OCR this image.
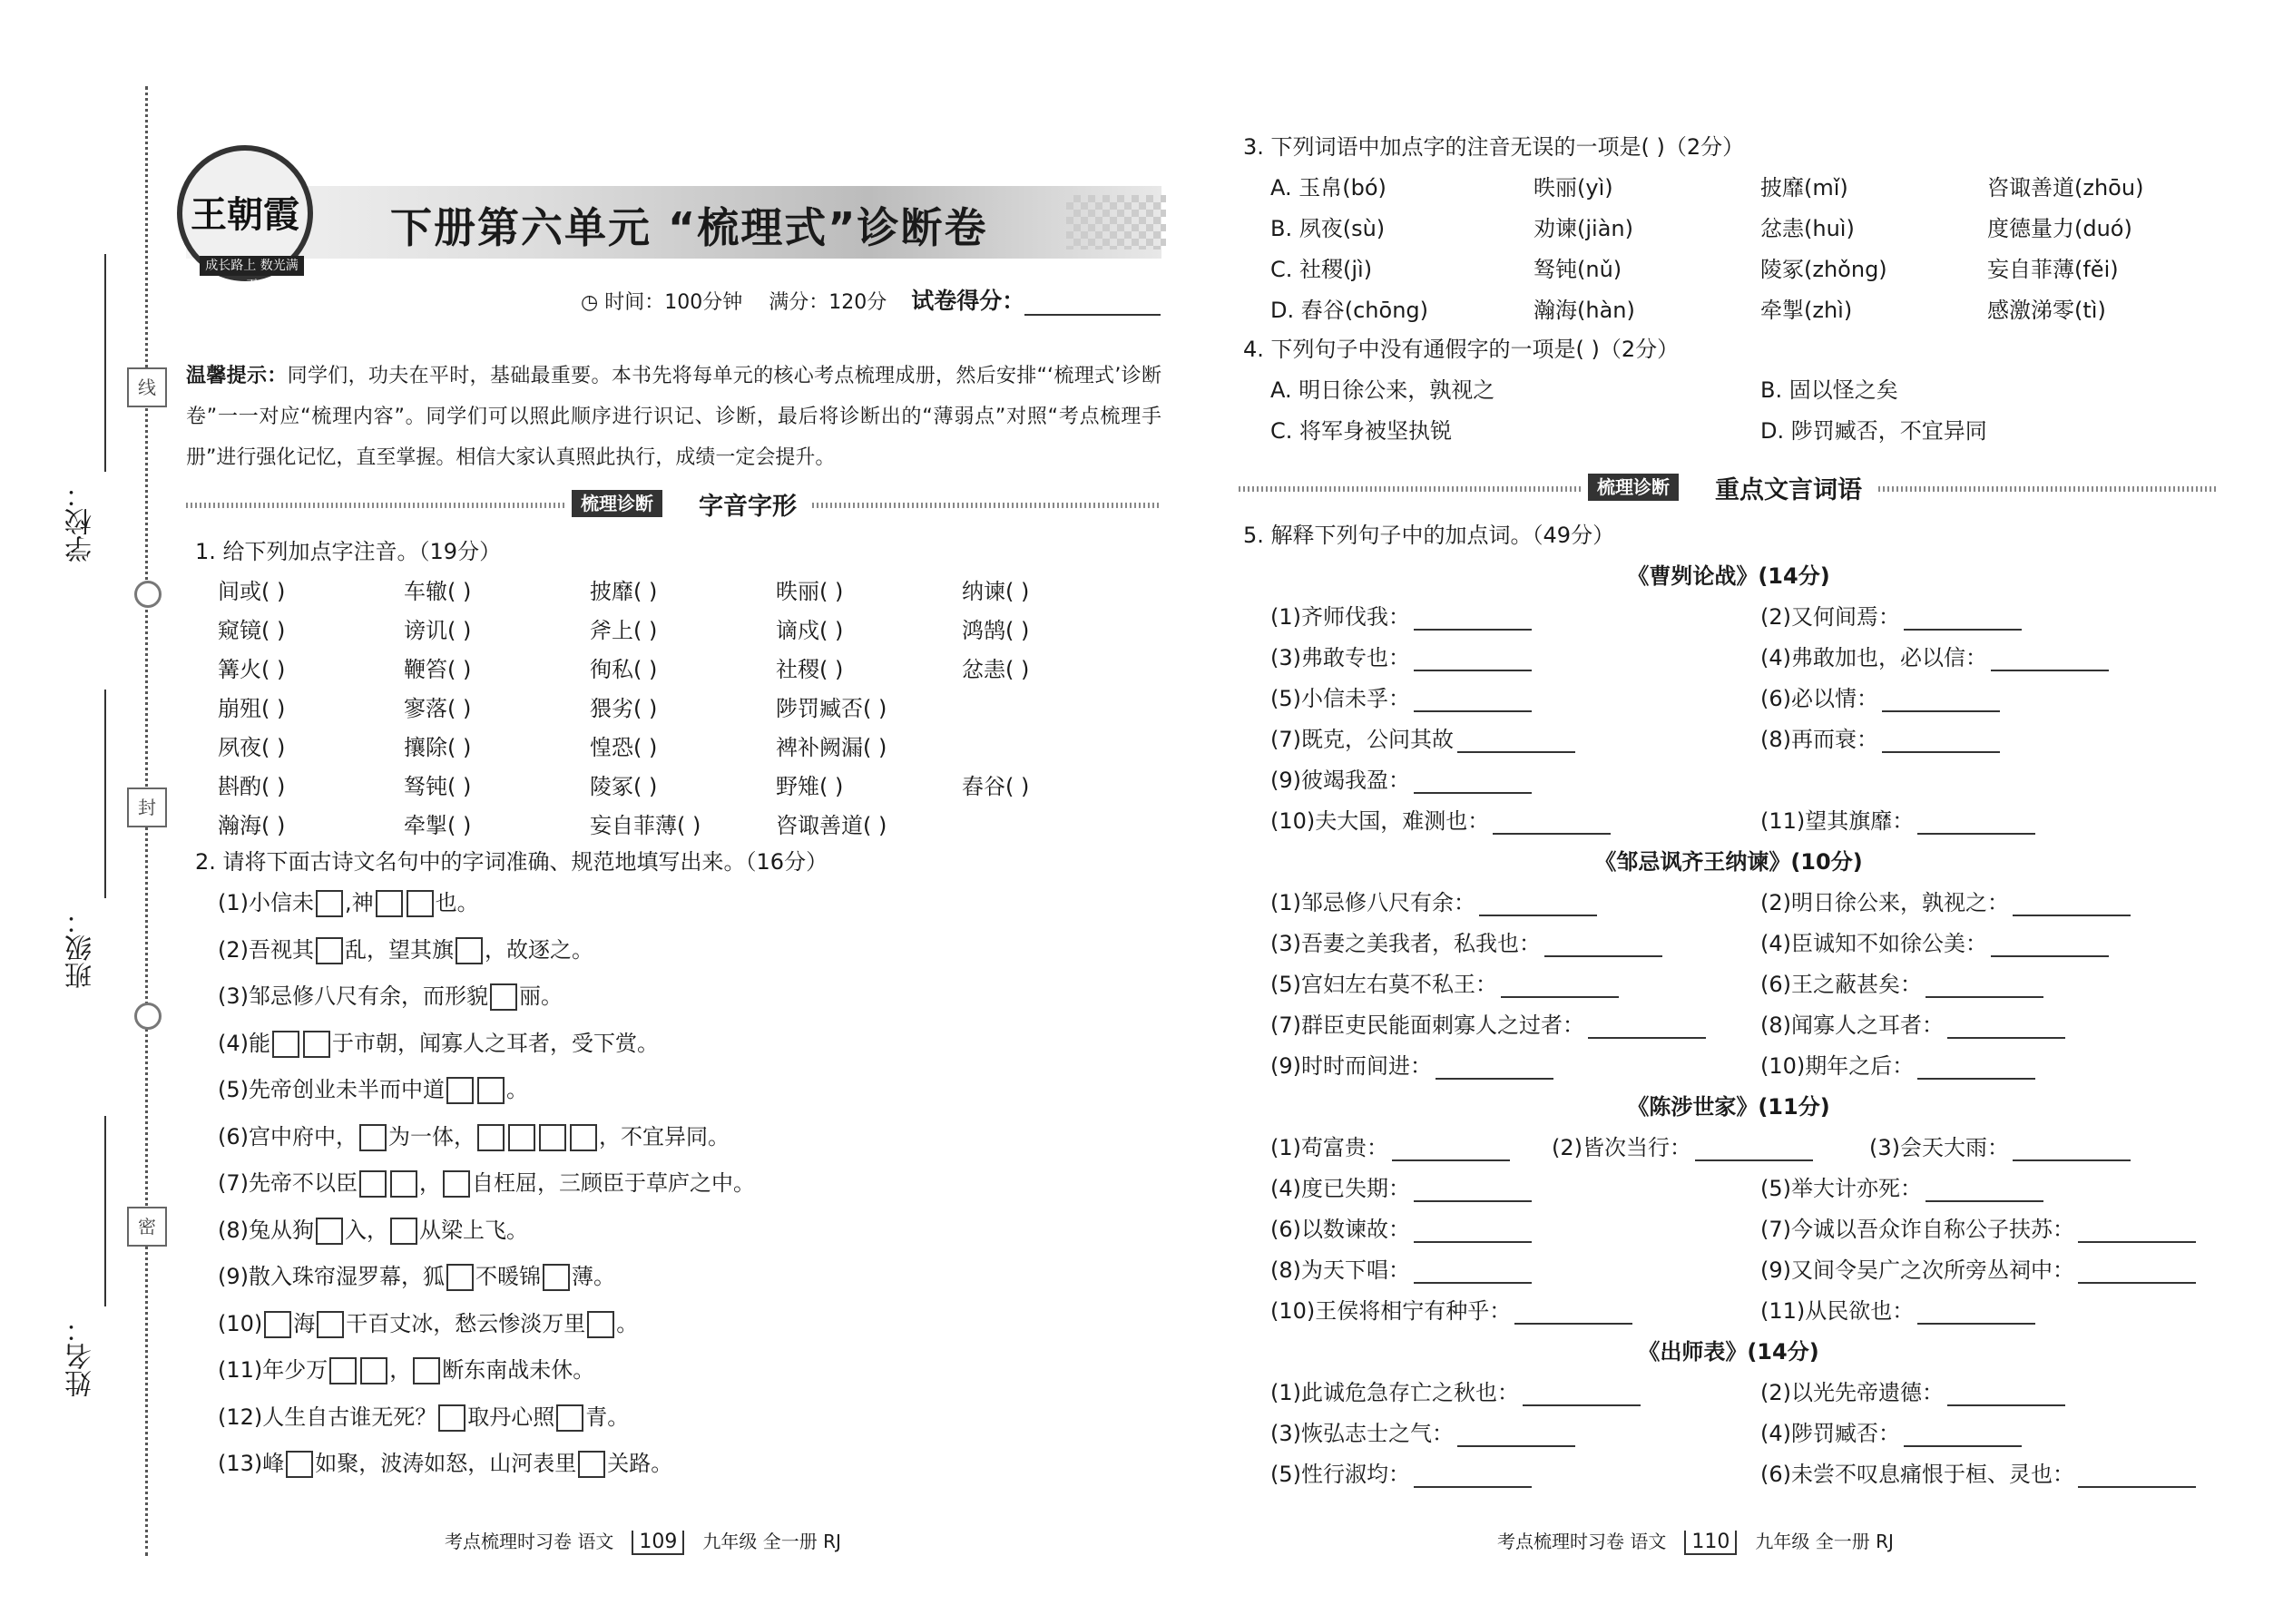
学校：
班级：
姓名：
线
封
密
王朝霞
成长路上 数光满天
下册第六单元 “梳理式”诊断卷
◷ 时间：100分钟 满分：120分 试卷得分：
温馨提示：同学们，功夫在平时，基础最重要。本书先将每单元的核心考点梳理成册，然后安排“‘梳理式’诊断卷”一一对应“梳理内容”。同学们可以照此顺序进行识记、诊断，最后将诊断出的“薄弱点”对照“考点梳理手册”进行强化记忆，直至掌握。相信大家认真照此执行，成绩一定会提升。
梳理诊断	字音字形
1. 给下列加点字注音。（19分）
间或( )	车辙( )	披靡( )	昳丽( )	纳谏( )
窥镜( )	谤讥( )	斧上( )	谪戍( )	鸿鹄( )
篝火( )	鞭笞( )	徇私( )	社稷( )	忿恚( )
崩殂( )	寥落( )	猥劣( )	陟罚臧否( )
夙夜( )	攘除( )	惶恐( )	裨补阙漏( )
斟酌( )	驽钝( )	陵冢( )	野雉( )	舂谷( )
瀚海( )	牵掣( )	妄自菲薄( )	咨诹善道( )
2. 请将下面古诗文名句中的字词准确、规范地填写出来。（16分）
(1)小信未 ,神	也。
(2)吾视其 乱，望其旗 ，故逐之。
(3)邹忌修八尺有余，而形貌 丽。
(4)能	于市朝，闻寡人之耳者，受下赏。
(5)先帝创业未半而中道	。
(6)宫中府中， 为一体，	，不宜异同。
(7)先帝不以臣	， 自枉屈，三顾臣于草庐之中。
(8)兔从狗 入， 从梁上飞。
(9)散入珠帘湿罗幕，狐 不暖锦 薄。
(10) 海 干百丈冰，愁云惨淡万里 。
(11)年少万	， 断东南战未休。
(12)人生自古谁无死？ 取丹心照 青。
(13)峰 如聚，波涛如怒，山河表里 关路。
考点梳理时习卷 语文 109 九年级 全一册 RJ
3. 下列词语中加点字的注音无误的一项是( )（2分）
A. 玉帛(bó)	昳丽(yì)	披靡(mǐ)	咨诹善道(zhōu)
B. 夙夜(sù)	劝谏(jiàn)	忿恚(huì)	度德量力(duó)
C. 社稷(jì)	驽钝(nǔ)	陵冢(zhǒng)	妄自菲薄(fěi)
D. 舂谷(chōng)	瀚海(hàn)	牵掣(zhì)	感激涕零(tì)
4. 下列句子中没有通假字的一项是( )（2分）
A. 明日徐公来，孰视之	B. 固以怪之矣
C. 将军身被坚执锐	D. 陟罚臧否，不宜异同
梳理诊断	重点文言词语
5. 解释下列句子中的加点词。（49分）
《曹刿论战》(14分)
(1)齐师伐我：	(2)又何间焉：
(3)弗敢专也：	(4)弗敢加也，必以信：
(5)小信未孚：	(6)必以情：
(7)既克，公问其故	(8)再而衰：
(9)彼竭我盈：
(10)夫大国，难测也：	(11)望其旗靡：
《邹忌讽齐王纳谏》(10分)
(1)邹忌修八尺有余：	(2)明日徐公来，孰视之：
(3)吾妻之美我者，私我也：	(4)臣诚知不如徐公美：
(5)宫妇左右莫不私王：	(6)王之蔽甚矣：
(7)群臣吏民能面刺寡人之过者：	(8)闻寡人之耳者：
(9)时时而间进：	(10)期年之后：
《陈涉世家》(11分)
(1)苟富贵：	(2)皆次当行：	(3)会天大雨：
(4)度已失期：	(5)举大计亦死：
(6)以数谏故：	(7)今诚以吾众诈自称公子扶苏：
(8)为天下唱：	(9)又间令吴广之次所旁丛祠中：
(10)王侯将相宁有种乎：	(11)从民欲也：
《出师表》(14分)
(1)此诚危急存亡之秋也：	(2)以光先帝遗德：
(3)恢弘志士之气：	(4)陟罚臧否：
(5)性行淑均：	(6)未尝不叹息痛恨于桓、灵也：
考点梳理时习卷 语文 110 九年级 全一册 RJ
